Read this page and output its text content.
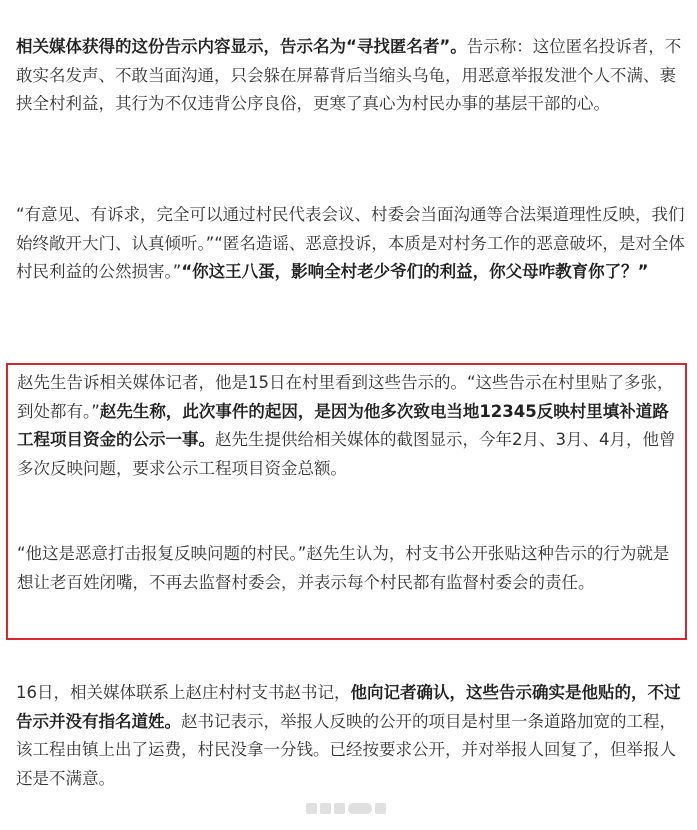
相关媒体获得的这份告示内容显示，告示名为“寻找匿名者”。告示称：这位匿名投诉者，不敢实名发声、不敢当面沟通，只会躲在屏幕背后当缩头乌龟，用恶意举报发泄个人不满、裹挟全村利益，其行为不仅违背公序良俗，更寒了真心为村民办事的基层干部的心。

“有意见、有诉求，完全可以通过村民代表会议、村委会当面沟通等合法渠道理性反映，我们始终敞开大门、认真倾听。”“匿名造谣、恶意投诉，本质是对村务工作的恶意破坏，是对全体村民利益的公然损害。”“你这王八蛋，影响全村老少爷们的利益，你父母咋教育你了？”

赵先生告诉相关媒体记者，他是15日在村里看到这些告示的。“这些告示在村里贴了多张，到处都有。”赵先生称，此次事件的起因，是因为他多次致电当地12345反映村里填补道路工程项目资金的公示一事。赵先生提供给相关媒体的截图显示，今年2月、3月、4月，他曾多次反映问题，要求公示工程项目资金总额。

“他这是恶意打击报复反映问题的村民。”赵先生认为，村支书公开张贴这种告示的行为就是想让老百姓闭嘴，不再去监督村委会，并表示每个村民都有监督村委会的责任。

16日，相关媒体联系上赵庄村村支书赵书记，他向记者确认，这些告示确实是他贴的，不过告示并没有指名道姓。赵书记表示，举报人反映的公开的项目是村里一条道路加宽的工程，该工程由镇上出了运费，村民没拿一分钱。已经按要求公开，并对举报人回复了，但举报人还是不满意。
